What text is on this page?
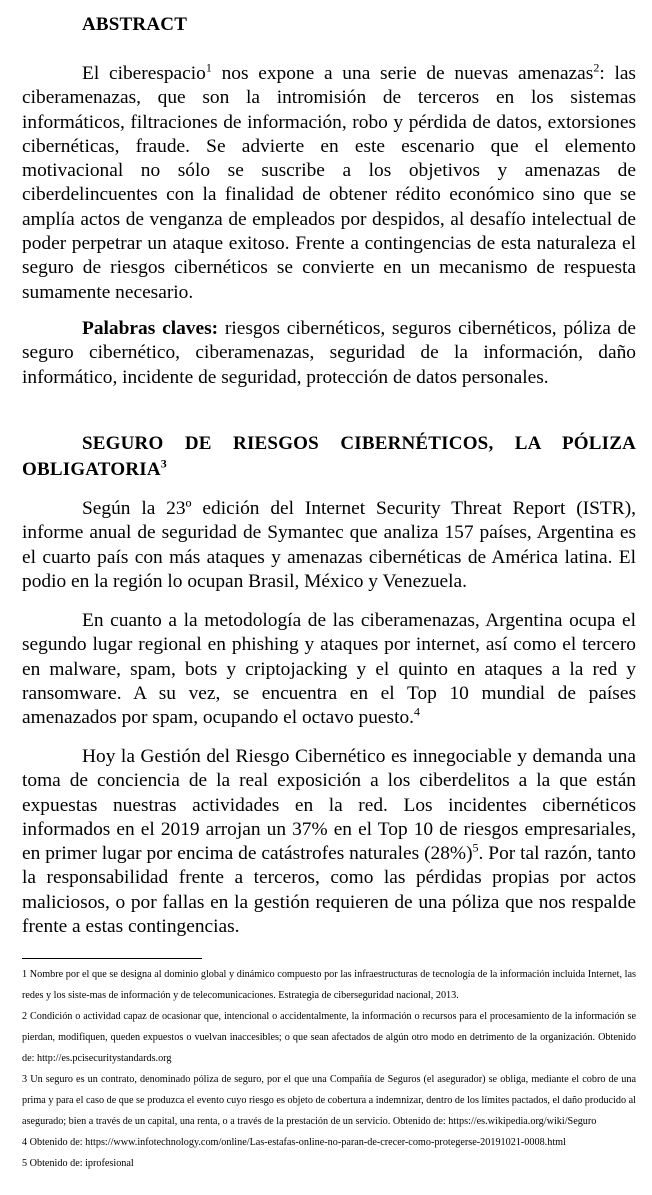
ABSTRACT

El ciberespacio$^1$ nos expone a una serie de nuevas amenazas$^2$: las ciberamenazas, que son la intromisión de terceros en los sistemas informáticos, filtraciones de información, robo y pérdida de datos, extorsiones cibernéticas, fraude. Se advierte en este escenario que el elemento motivacional no sólo se suscribe a los objetivos y amenazas de ciberdelincuentes con la finalidad de obtener rédito económico sino que se amplía actos de venganza de empleados por despidos, al desafío intelectual de poder perpetrar un ataque exitoso. Frente a contingencias de esta naturaleza el seguro de riesgos cibernéticos se convierte en un mecanismo de respuesta sumamente necesario.

Palabras claves: riesgos cibernéticos, seguros cibernéticos, póliza de seguro cibernético, ciberamenazas, seguridad de la información, daño informático, incidente de seguridad, protección de datos personales.

SEGURO DE RIESGOS CIBERNÉTICOS, LA PÓLIZA OBLIGATORIA$^3$

Según la 23º edición del Internet Security Threat Report (ISTR), informe anual de seguridad de Symantec que analiza 157 países, Argentina es el cuarto país con más ataques y amenazas cibernéticas de América latina. El podio en la región lo ocupan Brasil, México y Venezuela.

En cuanto a la metodología de las ciberamenazas, Argentina ocupa el segundo lugar regional en phishing y ataques por internet, así como el tercero en malware, spam, bots y criptojacking y el quinto en ataques a la red y ransomware. A su vez, se encuentra en el Top 10 mundial de países amenazados por spam, ocupando el octavo puesto.$^4$

Hoy la Gestión del Riesgo Cibernético es innegociable y demanda una toma de conciencia de la real exposición a los ciberdelitos a la que están expuestas nuestras actividades en la red. Los incidentes cibernéticos informados en el 2019 arrojan un 37% en el Top 10 de riesgos empresariales, en primer lugar por encima de catástrofes naturales $(28\%)^5$. Por tal razón, tanto la responsabilidad frente a terceros, como las pérdidas propias por actos maliciosos, o por fallas en la gestión requieren de una póliza que nos respalde frente a estas contingencias.

1 Nombre por el que se designa al dominio global y dinámico compuesto por las infraestructuras de tecnología de la información incluida Internet, las redes y los siste-mas de información y de telecomunicaciones. Estrategia de ciberseguridad nacional, 2013.

2 Condición o actividad capaz de ocasionar que, intencional o accidentalmente, la información o recursos para el procesamiento de la información se pierdan, modifiquen, queden expuestos o vuelvan inaccesibles; o que sean afectados de algún otro modo en detrimento de la organización. Obtenido de: http://es.pcisecuritystandards.org

3 Un seguro es un contrato, denominado póliza de seguro, por el que una Compañía de Seguros (el asegurador) se obliga, mediante el cobro de una prima y para el caso de que se produzca el evento cuyo riesgo es objeto de cobertura a indemnizar, dentro de los límites pactados, el daño producido al asegurado; bien a través de un capital, una renta, o a través de la prestación de un servicio. Obtenido de: https://es.wikipedia.org/wiki/Seguro

4 Obtenido de: https://www.infotechnology.com/online/Las-estafas-online-no-paran-de-crecer-como-protegerse-20191021-0008.html

5 Obtenido de: iprofesional
